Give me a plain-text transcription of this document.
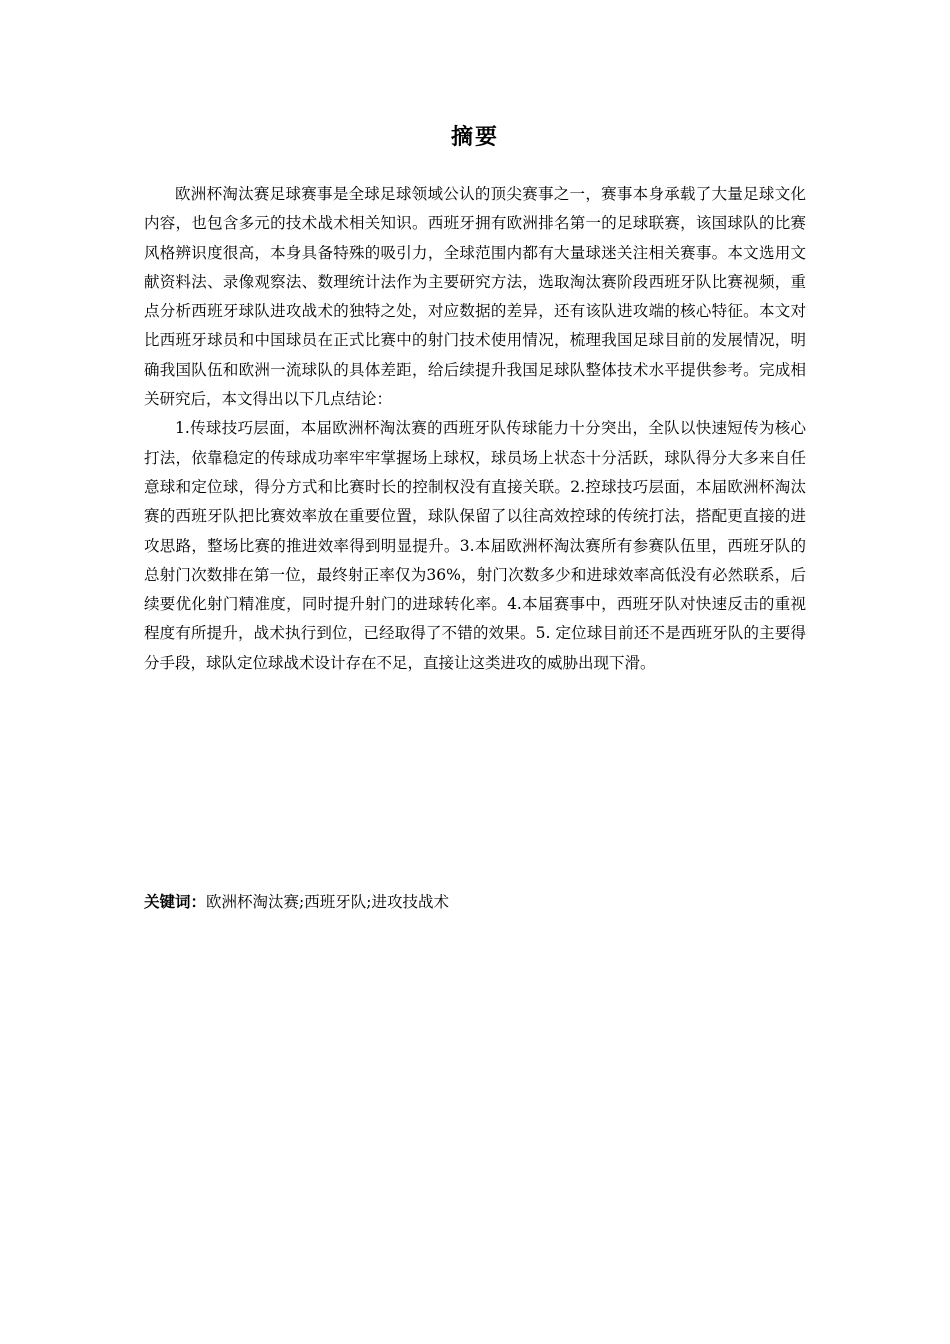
摘要

欧洲杯淘汰赛足球赛事是全球足球领域公认的顶尖赛事之一，赛事本身承载了大量足球文化内容，也包含多元的技术战术相关知识。西班牙拥有欧洲排名第一的足球联赛，该国球队的比赛风格辨识度很高，本身具备特殊的吸引力，全球范围内都有大量球迷关注相关赛事。本文选用文献资料法、录像观察法、数理统计法作为主要研究方法，选取淘汰赛阶段西班牙队比赛视频，重点分析西班牙球队进攻战术的独特之处，对应数据的差异，还有该队进攻端的核心特征。本文对比西班牙球员和中国球员在正式比赛中的射门技术使用情况，梳理我国足球目前的发展情况，明确我国队伍和欧洲一流球队的具体差距，给后续提升我国足球队整体技术水平提供参考。完成相关研究后，本文得出以下几点结论：

1.传球技巧层面，本届欧洲杯淘汰赛的西班牙队传球能力十分突出，全队以快速短传为核心打法，依靠稳定的传球成功率牢牢掌握场上球权，球员场上状态十分活跃，球队得分大多来自任意球和定位球，得分方式和比赛时长的控制权没有直接关联。2.控球技巧层面，本届欧洲杯淘汰赛的西班牙队把比赛效率放在重要位置，球队保留了以往高效控球的传统打法，搭配更直接的进攻思路，整场比赛的推进效率得到明显提升。3.本届欧洲杯淘汰赛所有参赛队伍里，西班牙队的总射门次数排在第一位，最终射正率仅为36%，射门次数多少和进球效率高低没有必然联系，后续要优化射门精准度，同时提升射门的进球转化率。4.本届赛事中，西班牙队对快速反击的重视程度有所提升，战术执行到位，已经取得了不错的效果。5. 定位球目前还不是西班牙队的主要得分手段，球队定位球战术设计存在不足，直接让这类进攻的威胁出现下滑。

关键词：欧洲杯淘汰赛;西班牙队;进攻技战术
